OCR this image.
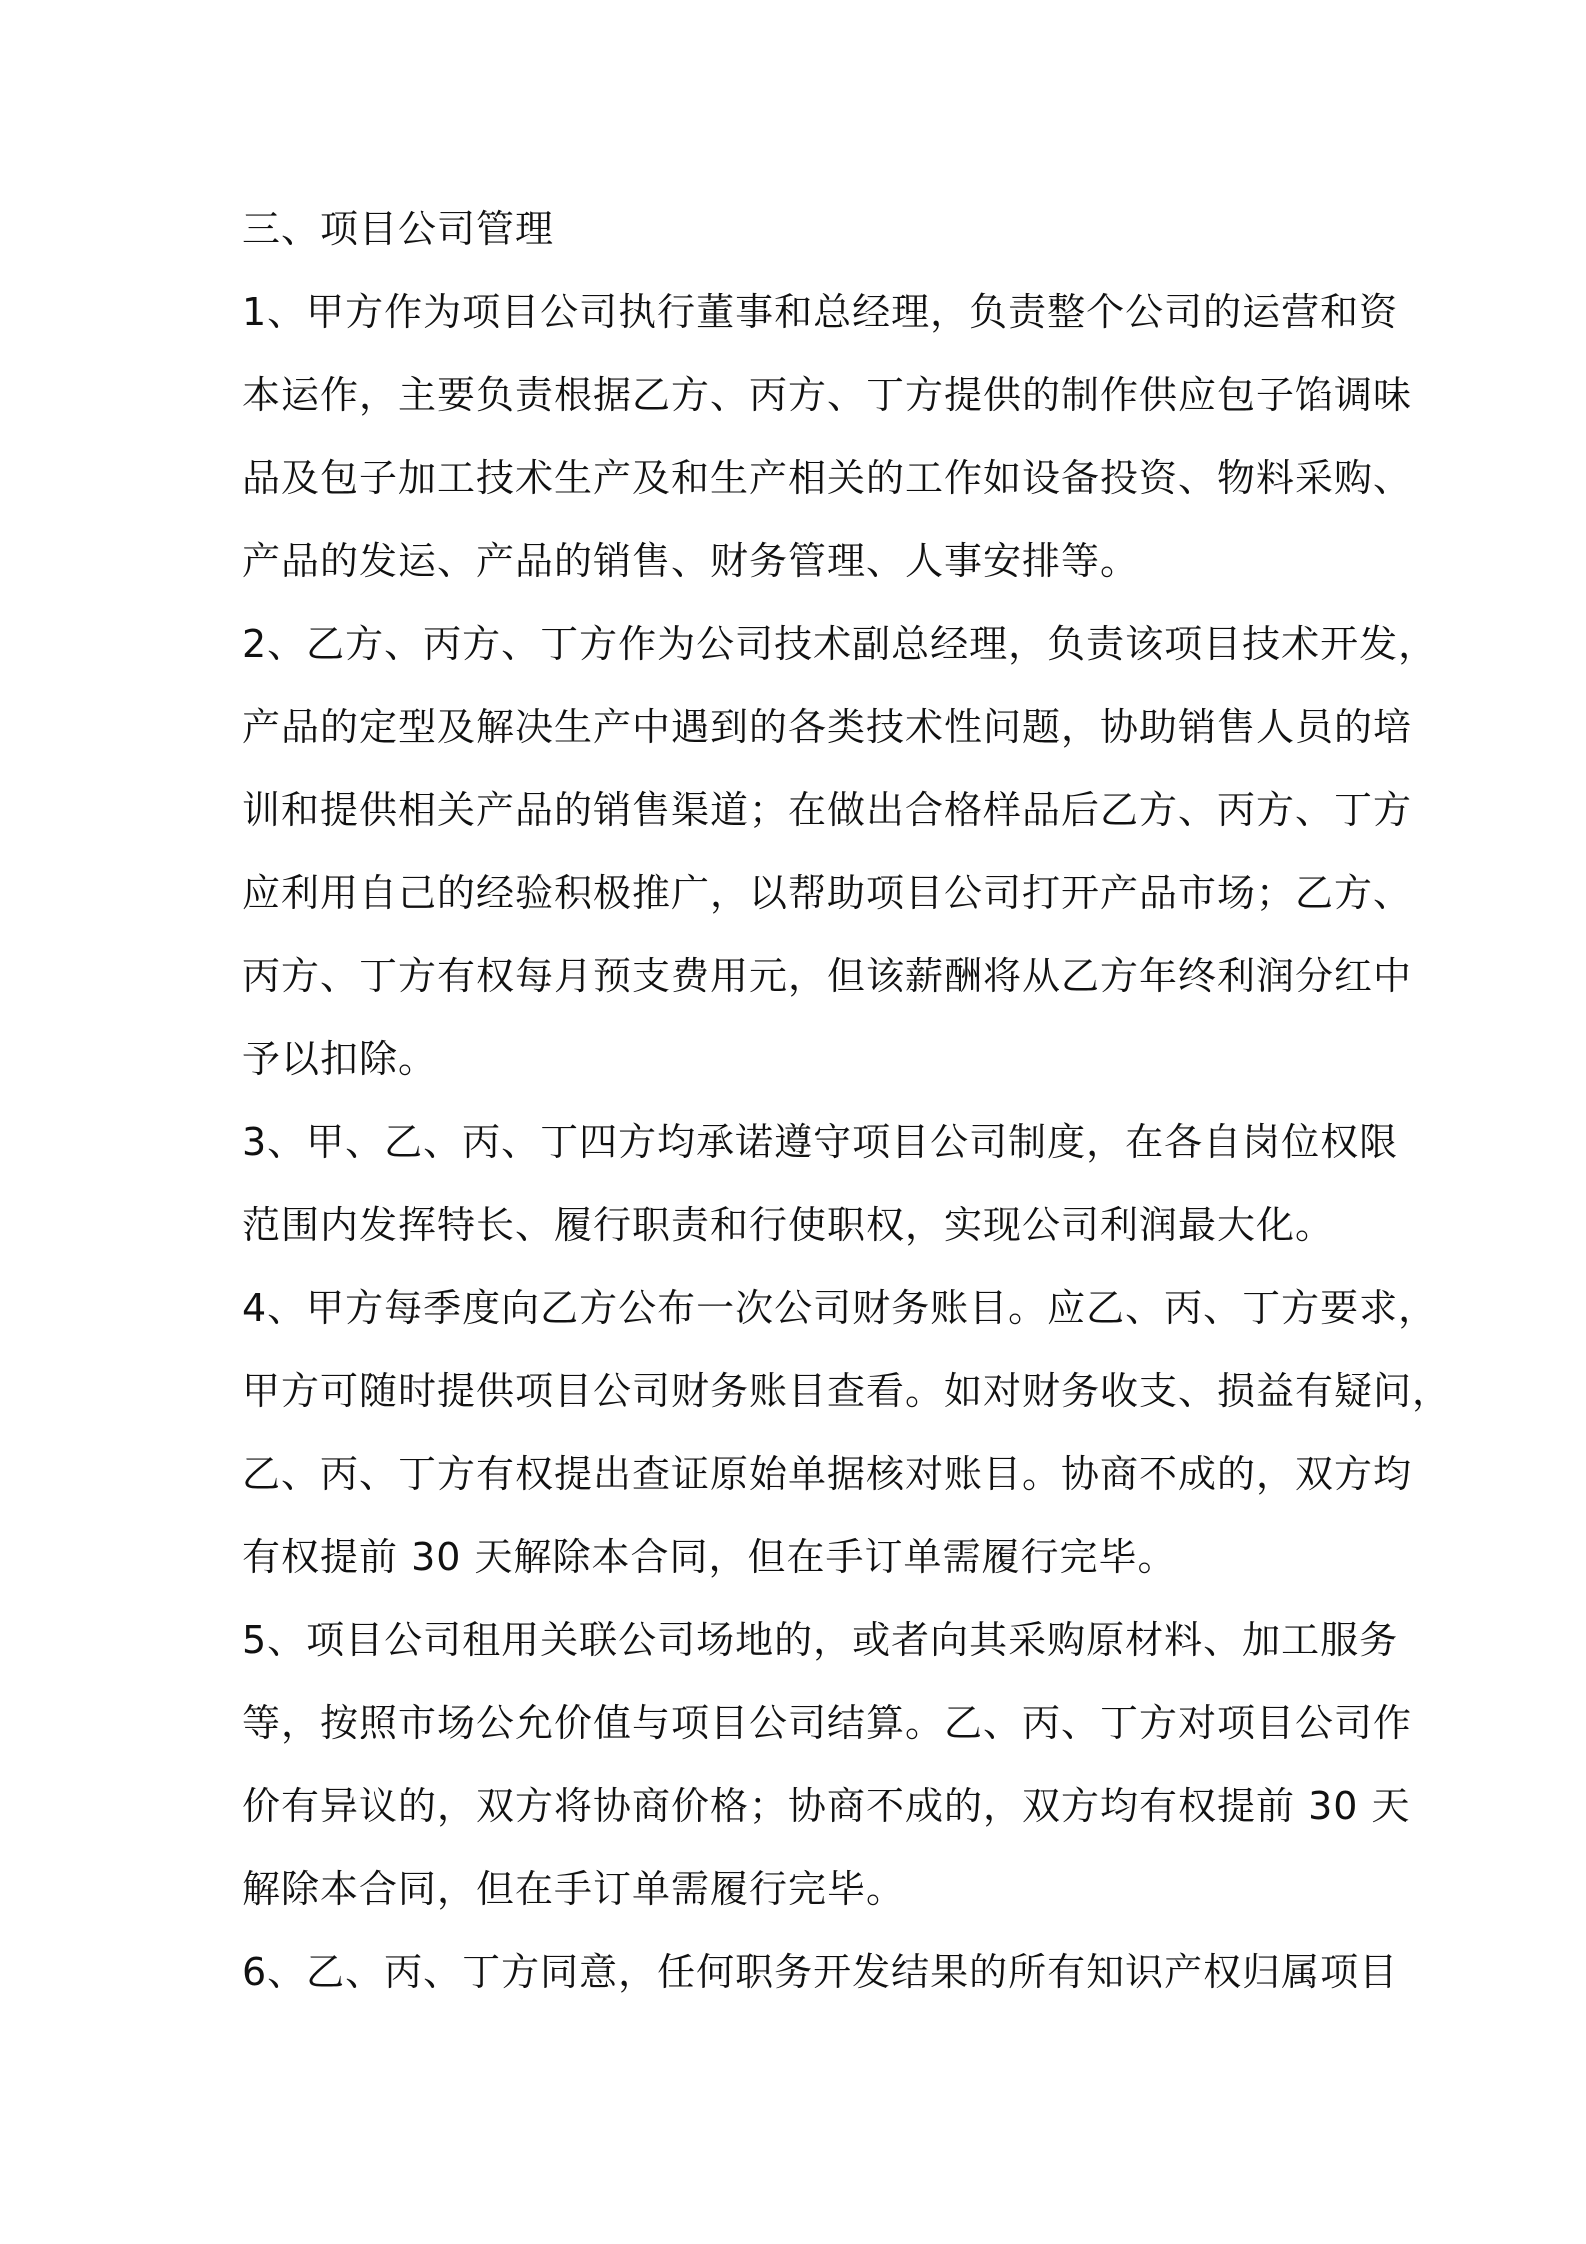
三、项目公司管理

1、甲方作为项目公司执行董事和总经理，负责整个公司的运营和资

本运作，主要负责根据乙方、丙方、丁方提供的制作供应包子馅调味

品及包子加工技术生产及和生产相关的工作如设备投资、物料采购、

产品的发运、产品的销售、财务管理、人事安排等。

2、乙方、丙方、丁方作为公司技术副总经理，负责该项目技术开发，

产品的定型及解决生产中遇到的各类技术性问题，协助销售人员的培

训和提供相关产品的销售渠道；在做出合格样品后乙方、丙方、丁方

应利用自己的经验积极推广，以帮助项目公司打开产品市场；乙方、

丙方、丁方有权每月预支费用元，但该薪酬将从乙方年终利润分红中

予以扣除。

3、甲、乙、丙、丁四方均承诺遵守项目公司制度，在各自岗位权限

范围内发挥特长、履行职责和行使职权，实现公司利润最大化。

4、甲方每季度向乙方公布一次公司财务账目。应乙、丙、丁方要求，

甲方可随时提供项目公司财务账目查看。如对财务收支、损益有疑问，

乙、丙、丁方有权提出查证原始单据核对账目。协商不成的，双方均

有权提前 30 天解除本合同，但在手订单需履行完毕。

5、项目公司租用关联公司场地的，或者向其采购原材料、加工服务

等，按照市场公允价值与项目公司结算。乙、丙、丁方对项目公司作

价有异议的，双方将协商价格；协商不成的，双方均有权提前 30 天

解除本合同，但在手订单需履行完毕。

6、乙、丙、丁方同意，任何职务开发结果的所有知识产权归属项目
